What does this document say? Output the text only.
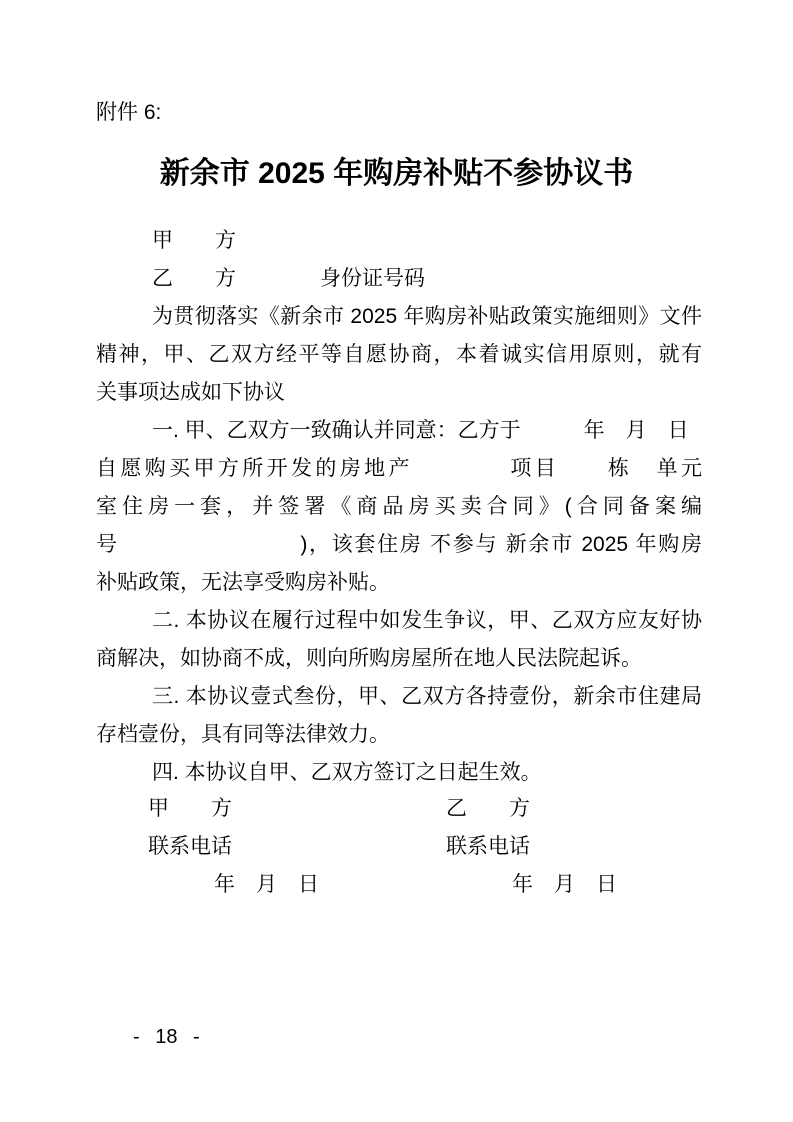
附件 6:
新余市 2025 年购房补贴不参协议书
甲　　方
乙　　方　　　　身份证号码
为贯彻落实《新余市 2025 年购房补贴政策实施细则》文件
精神，甲、乙双方经平等自愿协商，本着诚实信用原则，就有
关事项达成如下协议
一. 甲、乙双方一致确认并同意：乙方于　　　年　月　日
自愿购买甲方所开发的房地产　　　　项目　　栋　单元
室住房一套，并签署《商品房买卖合同》(合同备案编
号　　　　　　　　)，该套住房 不参与 新余市 2025 年购房
补贴政策，无法享受购房补贴。
二. 本协议在履行过程中如发生争议，甲、乙双方应友好协
商解决，如协商不成，则向所购房屋所在地人民法院起诉。
三. 本协议壹式叁份，甲、乙双方各持壹份，新余市住建局
存档壹份，具有同等法律效力。
四. 本协议自甲、乙双方签订之日起生效。
甲　　方
联系电话
年　月　日
乙　　方
联系电话
年　月　日
- 18 -
